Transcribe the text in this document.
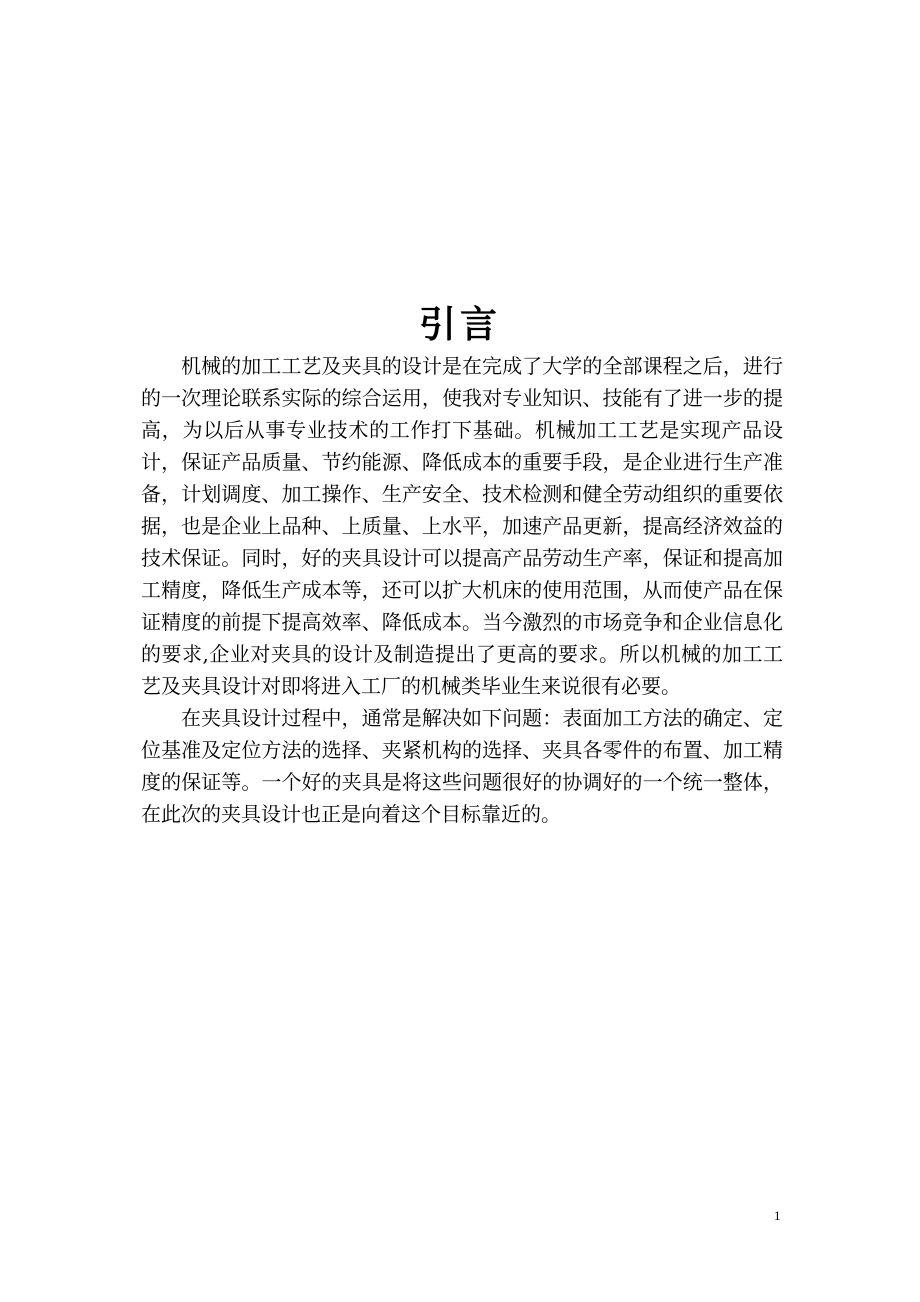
引言

机械的加工工艺及夹具的设计是在完成了大学的全部课程之后，进行的一次理论联系实际的综合运用，使我对专业知识、技能有了进一步的提高，为以后从事专业技术的工作打下基础。机械加工工艺是实现产品设计，保证产品质量、节约能源、降低成本的重要手段，是企业进行生产准备，计划调度、加工操作、生产安全、技术检测和健全劳动组织的重要依据，也是企业上品种、上质量、上水平，加速产品更新，提高经济效益的技术保证。同时，好的夹具设计可以提高产品劳动生产率，保证和提高加工精度，降低生产成本等，还可以扩大机床的使用范围，从而使产品在保证精度的前提下提高效率、降低成本。当今激烈的市场竞争和企业信息化的要求,企业对夹具的设计及制造提出了更高的要求。所以机械的加工工艺及夹具设计对即将进入工厂的机械类毕业生来说很有必要。

在夹具设计过程中，通常是解决如下问题：表面加工方法的确定、定位基准及定位方法的选择、夹紧机构的选择、夹具各零件的布置、加工精度的保证等。一个好的夹具是将这些问题很好的协调好的一个统一整体，在此次的夹具设计也正是向着这个目标靠近的。

1
